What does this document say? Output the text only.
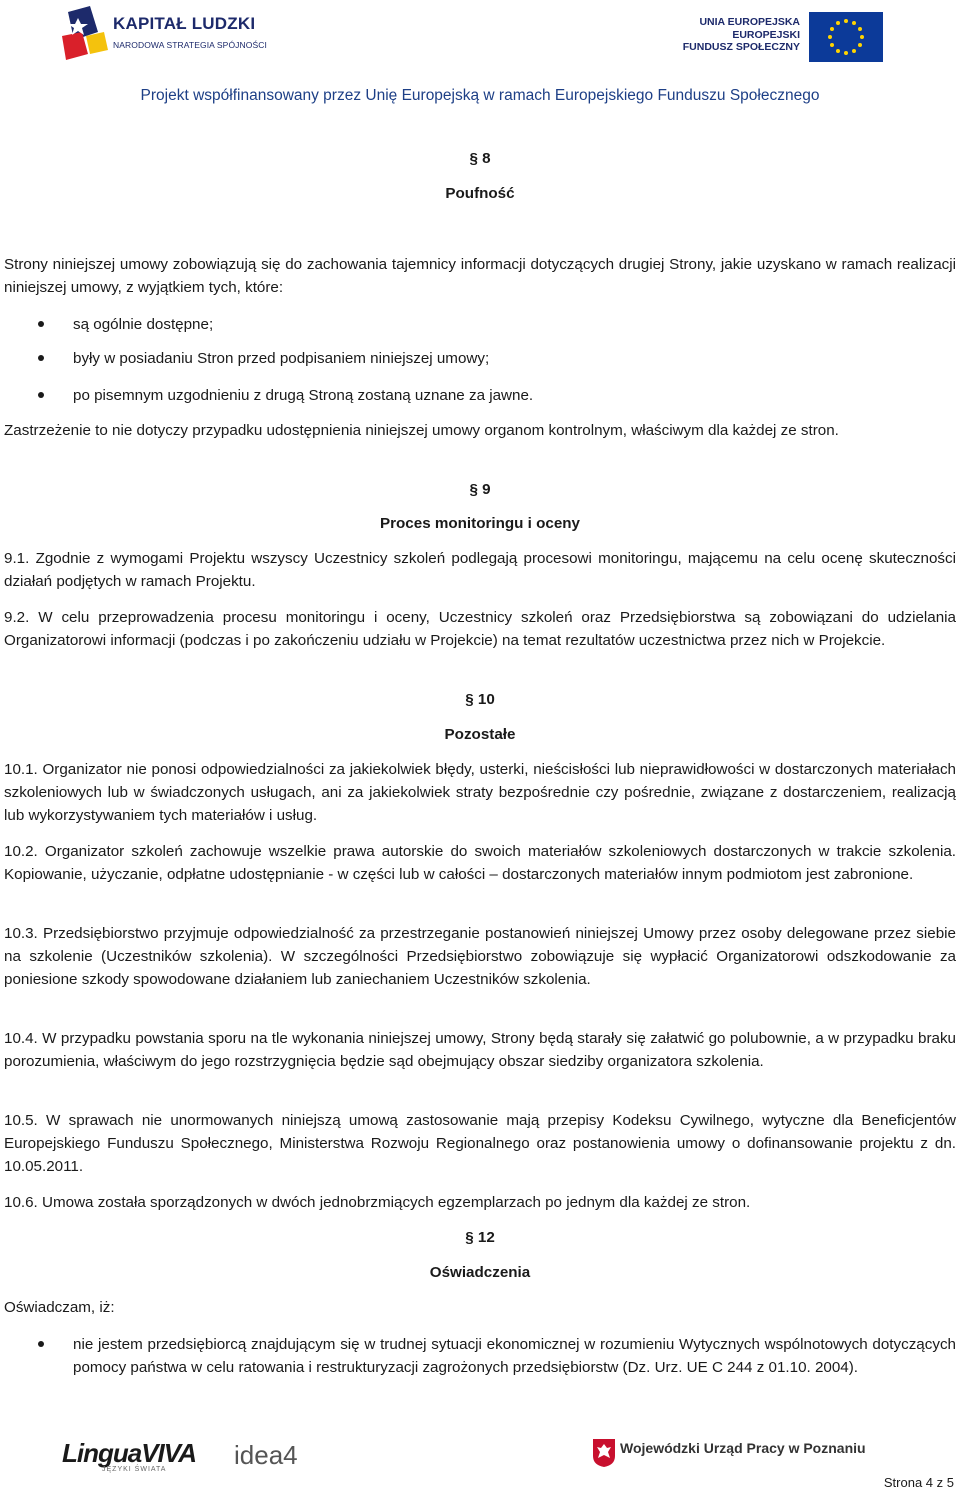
KAPITAŁ LUDZKI
NARODOWA STRATEGIA SPÓJNOŚCI
UNIA EUROPEJSKA
EUROPEJSKI
FUNDUSZ SPOŁECZNY
Projekt współfinansowany przez Unię Europejską w ramach Europejskiego Funduszu Społecznego
§ 8
Poufność
Strony niniejszej umowy zobowiązują się do zachowania tajemnicy informacji dotyczących drugiej Strony, jakie uzyskano w ramach realizacji niniejszej umowy, z wyjątkiem tych, które:
są ogólnie dostępne;
były w posiadaniu Stron przed podpisaniem niniejszej umowy;
po pisemnym uzgodnieniu z drugą Stroną zostaną uznane za jawne.
Zastrzeżenie to nie dotyczy przypadku udostępnienia niniejszej umowy organom kontrolnym, właściwym dla każdej ze stron.
§ 9
Proces monitoringu i oceny
9.1. Zgodnie z wymogami Projektu wszyscy Uczestnicy szkoleń podlegają procesowi monitoringu, mającemu na celu ocenę skuteczności działań podjętych w ramach Projektu.
9.2. W celu przeprowadzenia procesu monitoringu i oceny, Uczestnicy szkoleń oraz Przedsiębiorstwa są zobowiązani do udzielania Organizatorowi informacji (podczas i po zakończeniu udziału w Projekcie) na temat rezultatów uczestnictwa przez nich w Projekcie.
§ 10
Pozostałe
10.1. Organizator nie ponosi odpowiedzialności za jakiekolwiek błędy, usterki, nieścisłości lub nieprawidłowości w dostarczonych materiałach szkoleniowych lub w świadczonych usługach, ani za jakiekolwiek straty bezpośrednie czy pośrednie, związane z dostarczeniem, realizacją lub wykorzystywaniem tych materiałów i usług.
10.2. Organizator szkoleń zachowuje wszelkie prawa autorskie do swoich materiałów szkoleniowych dostarczonych w trakcie szkolenia. Kopiowanie, użyczanie, odpłatne udostępnianie - w części lub w całości – dostarczonych materiałów innym podmiotom jest zabronione.
10.3. Przedsiębiorstwo przyjmuje odpowiedzialność za przestrzeganie postanowień niniejszej Umowy przez osoby delegowane przez siebie na szkolenie (Uczestników szkolenia). W szczególności Przedsiębiorstwo zobowiązuje się wypłacić Organizatorowi odszkodowanie za poniesione szkody spowodowane działaniem lub zaniechaniem Uczestników szkolenia.
10.4. W przypadku powstania sporu na tle wykonania niniejszej umowy, Strony będą starały się załatwić go polubownie, a w przypadku braku porozumienia, właściwym do jego rozstrzygnięcia będzie sąd obejmujący obszar siedziby organizatora szkolenia.
10.5. W sprawach nie unormowanych niniejszą umową zastosowanie mają przepisy Kodeksu Cywilnego, wytyczne dla Beneficjentów Europejskiego Funduszu Społecznego, Ministerstwa Rozwoju Regionalnego oraz postanowienia umowy o dofinansowanie projektu z dn. 10.05.2011.
10.6. Umowa została sporządzonych w dwóch jednobrzmiących egzemplarzach po jednym dla każdej ze stron.
§ 12
Oświadczenia
Oświadczam, iż:
nie jestem przedsiębiorcą znajdującym się w trudnej sytuacji ekonomicznej w rozumieniu Wytycznych wspólnotowych dotyczących pomocy państwa w celu ratowania i restrukturyzacji zagrożonych przedsiębiorstw (Dz. Urz. UE C 244 z 01.10. 2004).
LinguaVIVA
JĘZYKI ŚWIATA	idea4	Wojewódzki Urząd Pracy w Poznaniu
Strona 4 z 5
